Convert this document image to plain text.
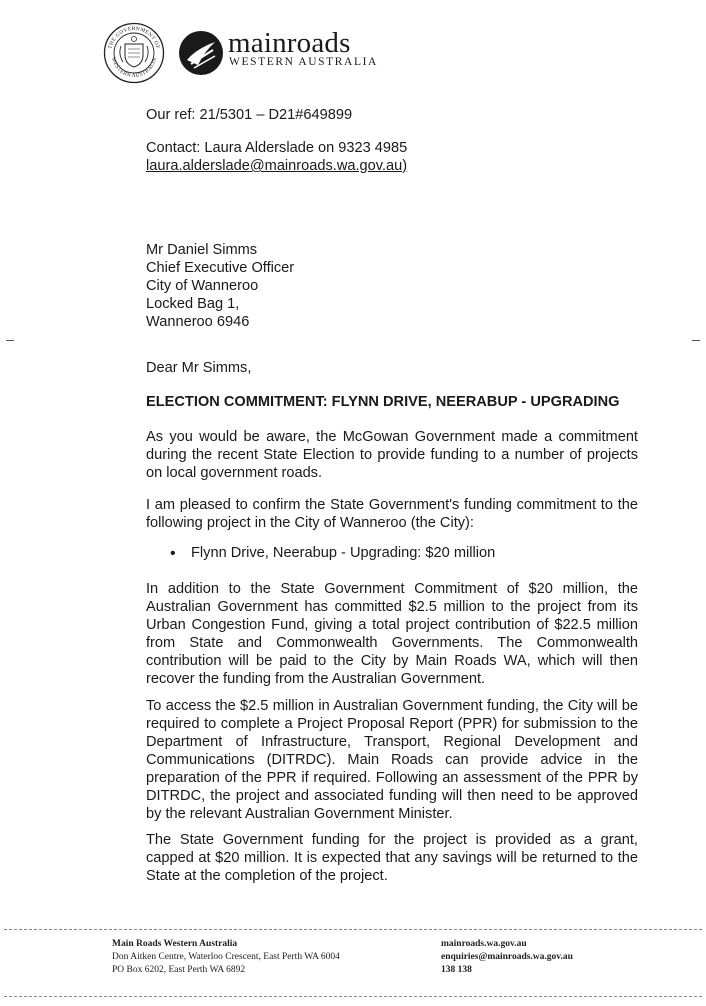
THE GOVERNMENT OF
WESTERN AUSTRALIA
mainroads
WESTERN AUSTRALIA

Our ref: 21/5301 – D21#649899

Contact: Laura Alderslade on 9323 4985

laura.alderslade@mainroads.wa.gov.au)

Mr Daniel Simms

Chief Executive Officer

City of Wanneroo

Locked Bag 1,

Wanneroo 6946

Dear Mr Simms,

ELECTION COMMITMENT: FLYNN DRIVE, NEERABUP - UPGRADING

As you would be aware, the McGowan Government made a commitment during the recent State Election to provide funding to a number of projects on local government roads.

I am pleased to confirm the State Government's funding commitment to the following project in the City of Wanneroo (the City):

• Flynn Drive, Neerabup - Upgrading: $20 million

In addition to the State Government Commitment of $20 million, the Australian Government has committed $2.5 million to the project from its Urban Congestion Fund, giving a total project contribution of $22.5 million from State and Commonwealth Governments. The Commonwealth contribution will be paid to the City by Main Roads WA, which will then recover the funding from the Australian Government.

To access the $2.5 million in Australian Government funding, the City will be required to complete a Project Proposal Report (PPR) for submission to the Department of Infrastructure, Transport, Regional Development and Communications (DITRDC). Main Roads can provide advice in the preparation of the PPR if required. Following an assessment of the PPR by DITRDC, the project and associated funding will then need to be approved by the relevant Australian Government Minister.

The State Government funding for the project is provided as a grant, capped at $20 million. It is expected that any savings will be returned to the State at the completion of the project.

Main Roads Western Australia
Don Aitken Centre, Waterloo Crescent, East Perth WA 6004
PO Box 6202, East Perth WA 6892
mainroads.wa.gov.au
enquiries@mainroads.wa.gov.au
138 138
